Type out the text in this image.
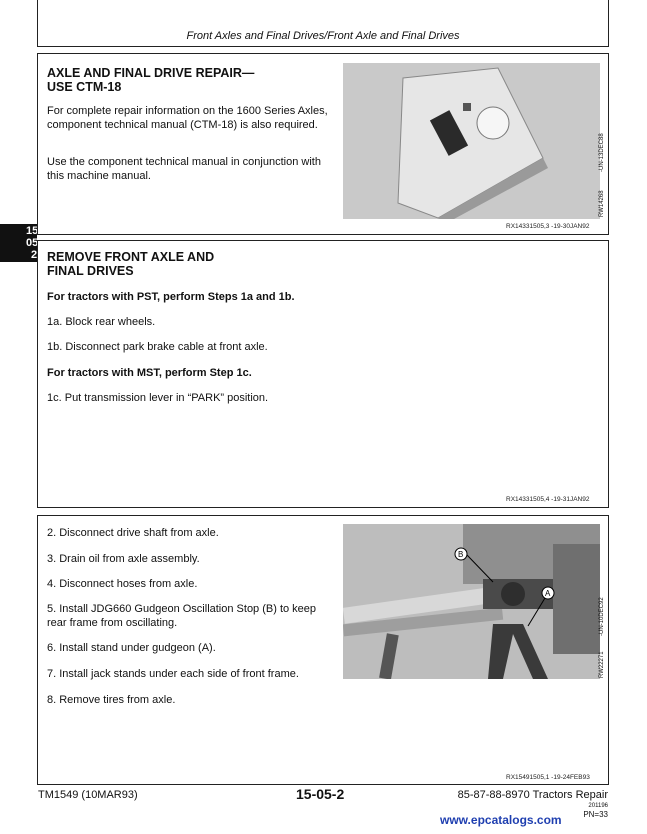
Front Axles and Final Drives/Front Axle and Final Drives
15
05
2
AXLE AND FINAL DRIVE REPAIR—
USE CTM-18
For complete repair information on the 1600 Series Axles, component technical manual (CTM-18) is also required.
Use the component technical manual in conjunction with this machine manual.
-UN-13DEC88
RW14268
RX14331505,3 -19-30JAN92
REMOVE FRONT AXLE AND
FINAL DRIVES
For tractors with PST, perform Steps 1a and 1b.
1a. Block rear wheels.
1b. Disconnect park brake cable at front axle.
For tractors with MST, perform Step 1c.
1c. Put transmission lever in “PARK” position.
RX14331505,4 -19-31JAN92
2. Disconnect drive shaft from axle.
3. Drain oil from axle assembly.
4. Disconnect hoses from axle.
5. Install JDG660 Gudgeon Oscillation Stop (B) to keep rear frame from oscillating.
6. Install stand under gudgeon (A).
7. Install jack stands under each side of front frame.
8. Remove tires from axle.
B
A
-UN-10DEC92
RW22271
RX15491505,1 -19-24FEB93
TM1549 (10MAR93)	15-05-2	85-87-88-8970 Tractors Repair
201196
PN=33
www.epcatalogs.com
